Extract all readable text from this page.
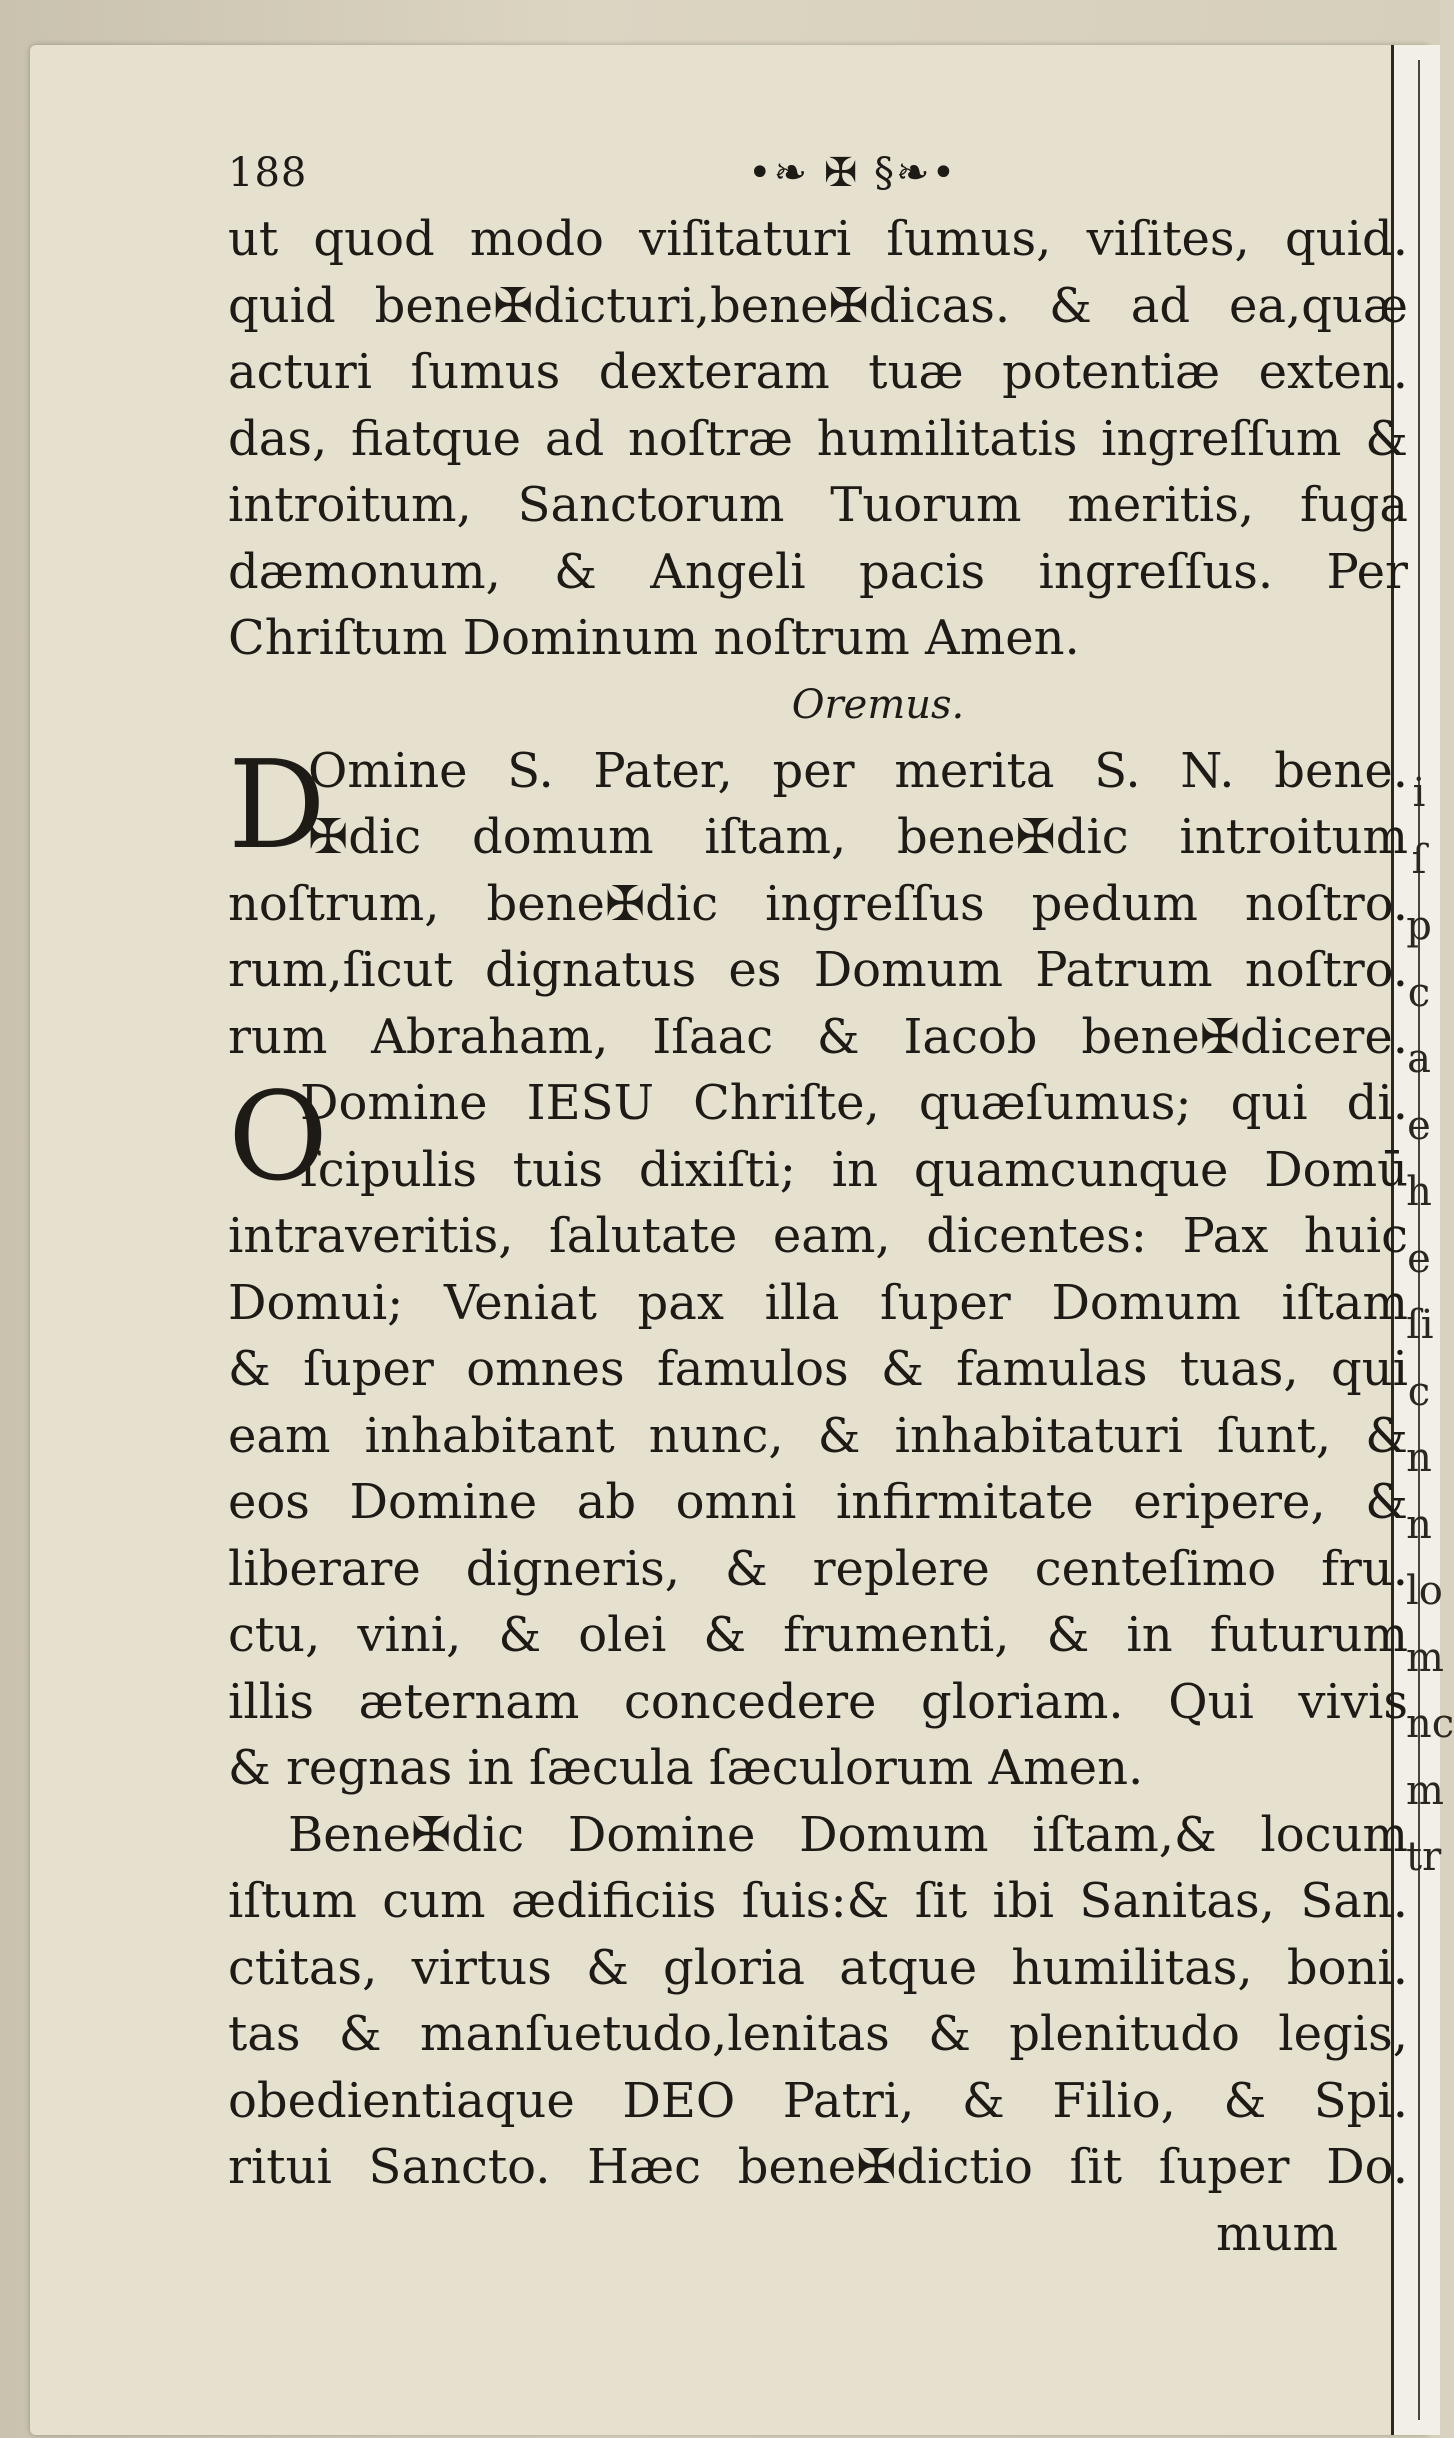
i
ſ
p
c
a
e
h
e
ſi
c
n
n
lo
m
nc
m
tr
188	•❧ ✠ §❧•
ut quod modo viſitaturi ſumus, viſites, quid.
quid bene✠dicturi,bene✠dicas. & ad ea,quæ
acturi ſumus dexteram tuæ potentiæ exten.
das, fiatque ad noſtræ humilitatis ingreſſum &
introitum, Sanctorum Tuorum meritis, fuga
dæmonum, & Angeli pacis ingreſſus. Per
Chriſtum Dominum noſtrum Amen.
Oremus.
D
Omine S. Pater, per merita S. N. bene.
✠dic domum iſtam, bene✠dic introitum
noſtrum, bene✠dic ingreſſus pedum noſtro.
rum,ſicut dignatus es Domum Patrum noſtro.
rum Abraham, Iſaac & Iacob bene✠dicere.
O
Domine IESU Chriſte, quæſumus; qui di.
ſcipulis tuis dixiſti; in quamcunque Domū
intraveritis, ſalutate eam, dicentes: Pax huic
Domui; Veniat pax illa ſuper Domum iſtam
& ſuper omnes famulos & famulas tuas, qui
eam inhabitant nunc, & inhabitaturi ſunt, &
eos Domine ab omni infirmitate eripere, &
liberare digneris, & replere centeſimo fru.
ctu, vini, & olei & frumenti, & in futurum
illis æternam concedere gloriam. Qui vivis
& regnas in ſæcula ſæculorum Amen.
Bene✠dic Domine Domum iſtam,& locum
iſtum cum ædificiis ſuis:& ſit ibi Sanitas, San.
ctitas, virtus & gloria atque humilitas, boni.
tas & manſuetudo,lenitas & plenitudo legis,
obedientiaque DEO Patri, & Filio, & Spi.
ritui Sancto. Hæc bene✠dictio ſit ſuper Do.
mum
